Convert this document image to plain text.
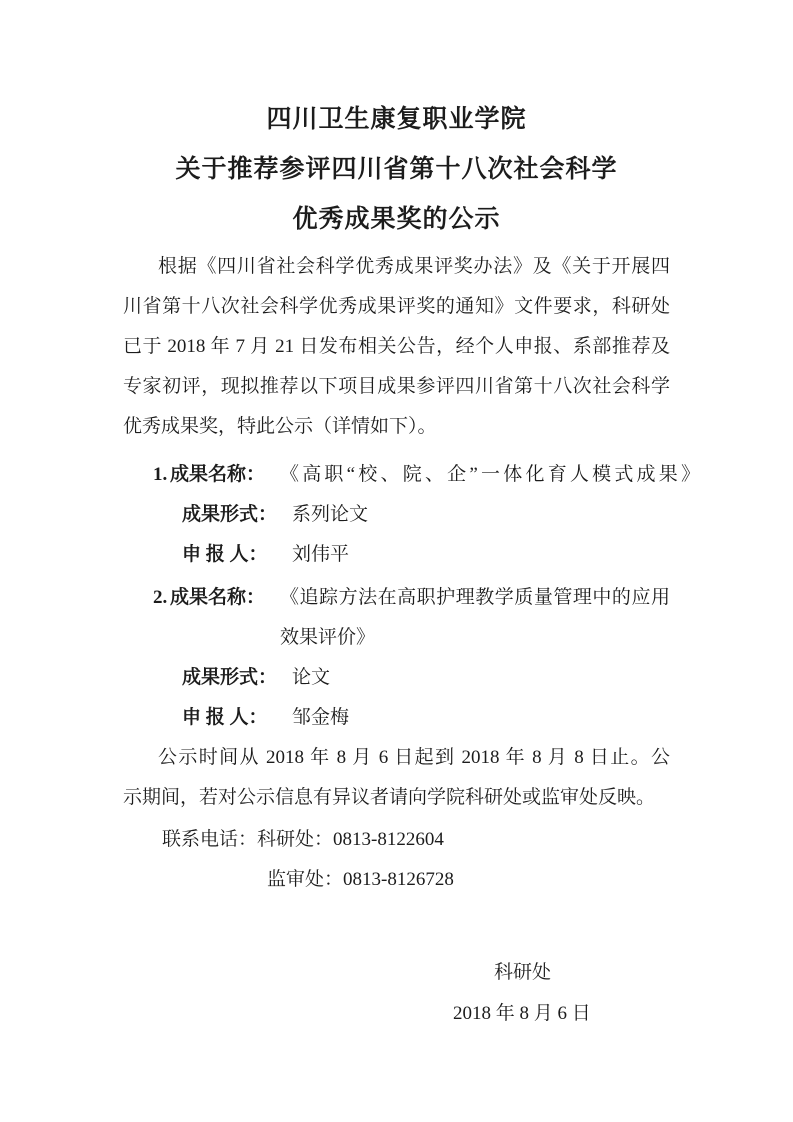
四川卫生康复职业学院
关于推荐参评四川省第十八次社会科学
优秀成果奖的公示
根据《四川省社会科学优秀成果评奖办法》及《关于开展四
川省第十八次社会科学优秀成果评奖的通知》文件要求，科研处
已于 2018 年 7 月 21 日发布相关公告，经个人申报、系部推荐及
专家初评，现拟推荐以下项目成果参评四川省第十八次社会科学
优秀成果奖，特此公示（详情如下）。
1. 成果名称： 《高职“校、院、企”一体化育人模式成果》
成果形式： 系列论文
申 报 人：	刘伟平
2. 成果名称： 《追踪方法在高职护理教学质量管理中的应用
效果评价》
成果形式： 论文
申 报 人：	邹金梅
公示时间从 2018 年 8 月 6 日起到 2018 年 8 月 8 日止。公
示期间，若对公示信息有异议者请向学院科研处或监审处反映。
联系电话：科研处：0813-8122604
监审处：0813-8126728
科研处
2018 年 8 月 6 日
